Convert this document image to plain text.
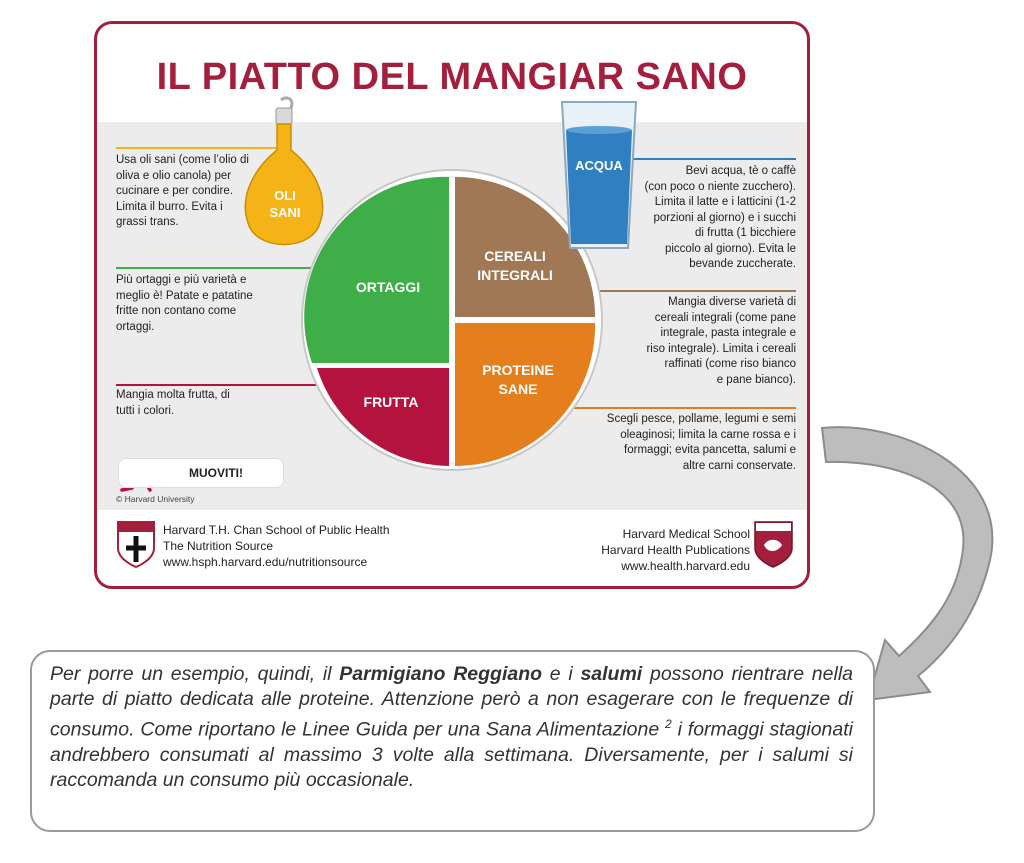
IL PIATTO DEL MANGIAR SANO
ORTAGGI
CEREALI
INTEGRALI
FRUTTA
PROTEINE
SANE
OLI
SANI
ACQUA
Usa oli sani (come l’olio di
oliva e olio canola) per
cucinare e per condire.
Limita il burro. Evita i
grassi trans.
Più ortaggi e più varietà e
meglio è! Patate e patatine
fritte non contano come
ortaggi.
Mangia molta frutta, di
tutti i colori.
Bevi acqua, tè o caffè
(con poco o niente zucchero).
Limita il latte e i latticini (1-2
porzioni al giorno) e i succhi
di frutta (1 bicchiere
piccolo al giorno). Evita le
bevande zuccherate.
Mangia diverse varietà di
cereali integrali (come pane
integrale, pasta integrale e
riso integrale). Limita i cereali
raffinati (come riso bianco
e pane bianco).
Scegli pesce, pollame, legumi e semi
oleaginosi; limita la carne rossa e i
formaggi; evita pancetta, salumi e
altre carni conservate.
MUOVITI!
© Harvard University
Harvard T.H. Chan School of Public Health
The Nutrition Source
www.hsph.harvard.edu/nutritionsource
Harvard Medical School
Harvard Health Publications
www.health.harvard.edu
Per porre un esempio, quindi, il Parmigiano Reggiano e i salumi possono rientrare nella parte di piatto dedicata alle proteine. Attenzione però a non esagerare con le frequenze di consumo. Come riportano le Linee Guida per una Sana Alimentazione $^2$ i formaggi stagionati andrebbero consumati al massimo 3 volte alla settimana. Diversamente, per i salumi si raccomanda un consumo più occasionale.
